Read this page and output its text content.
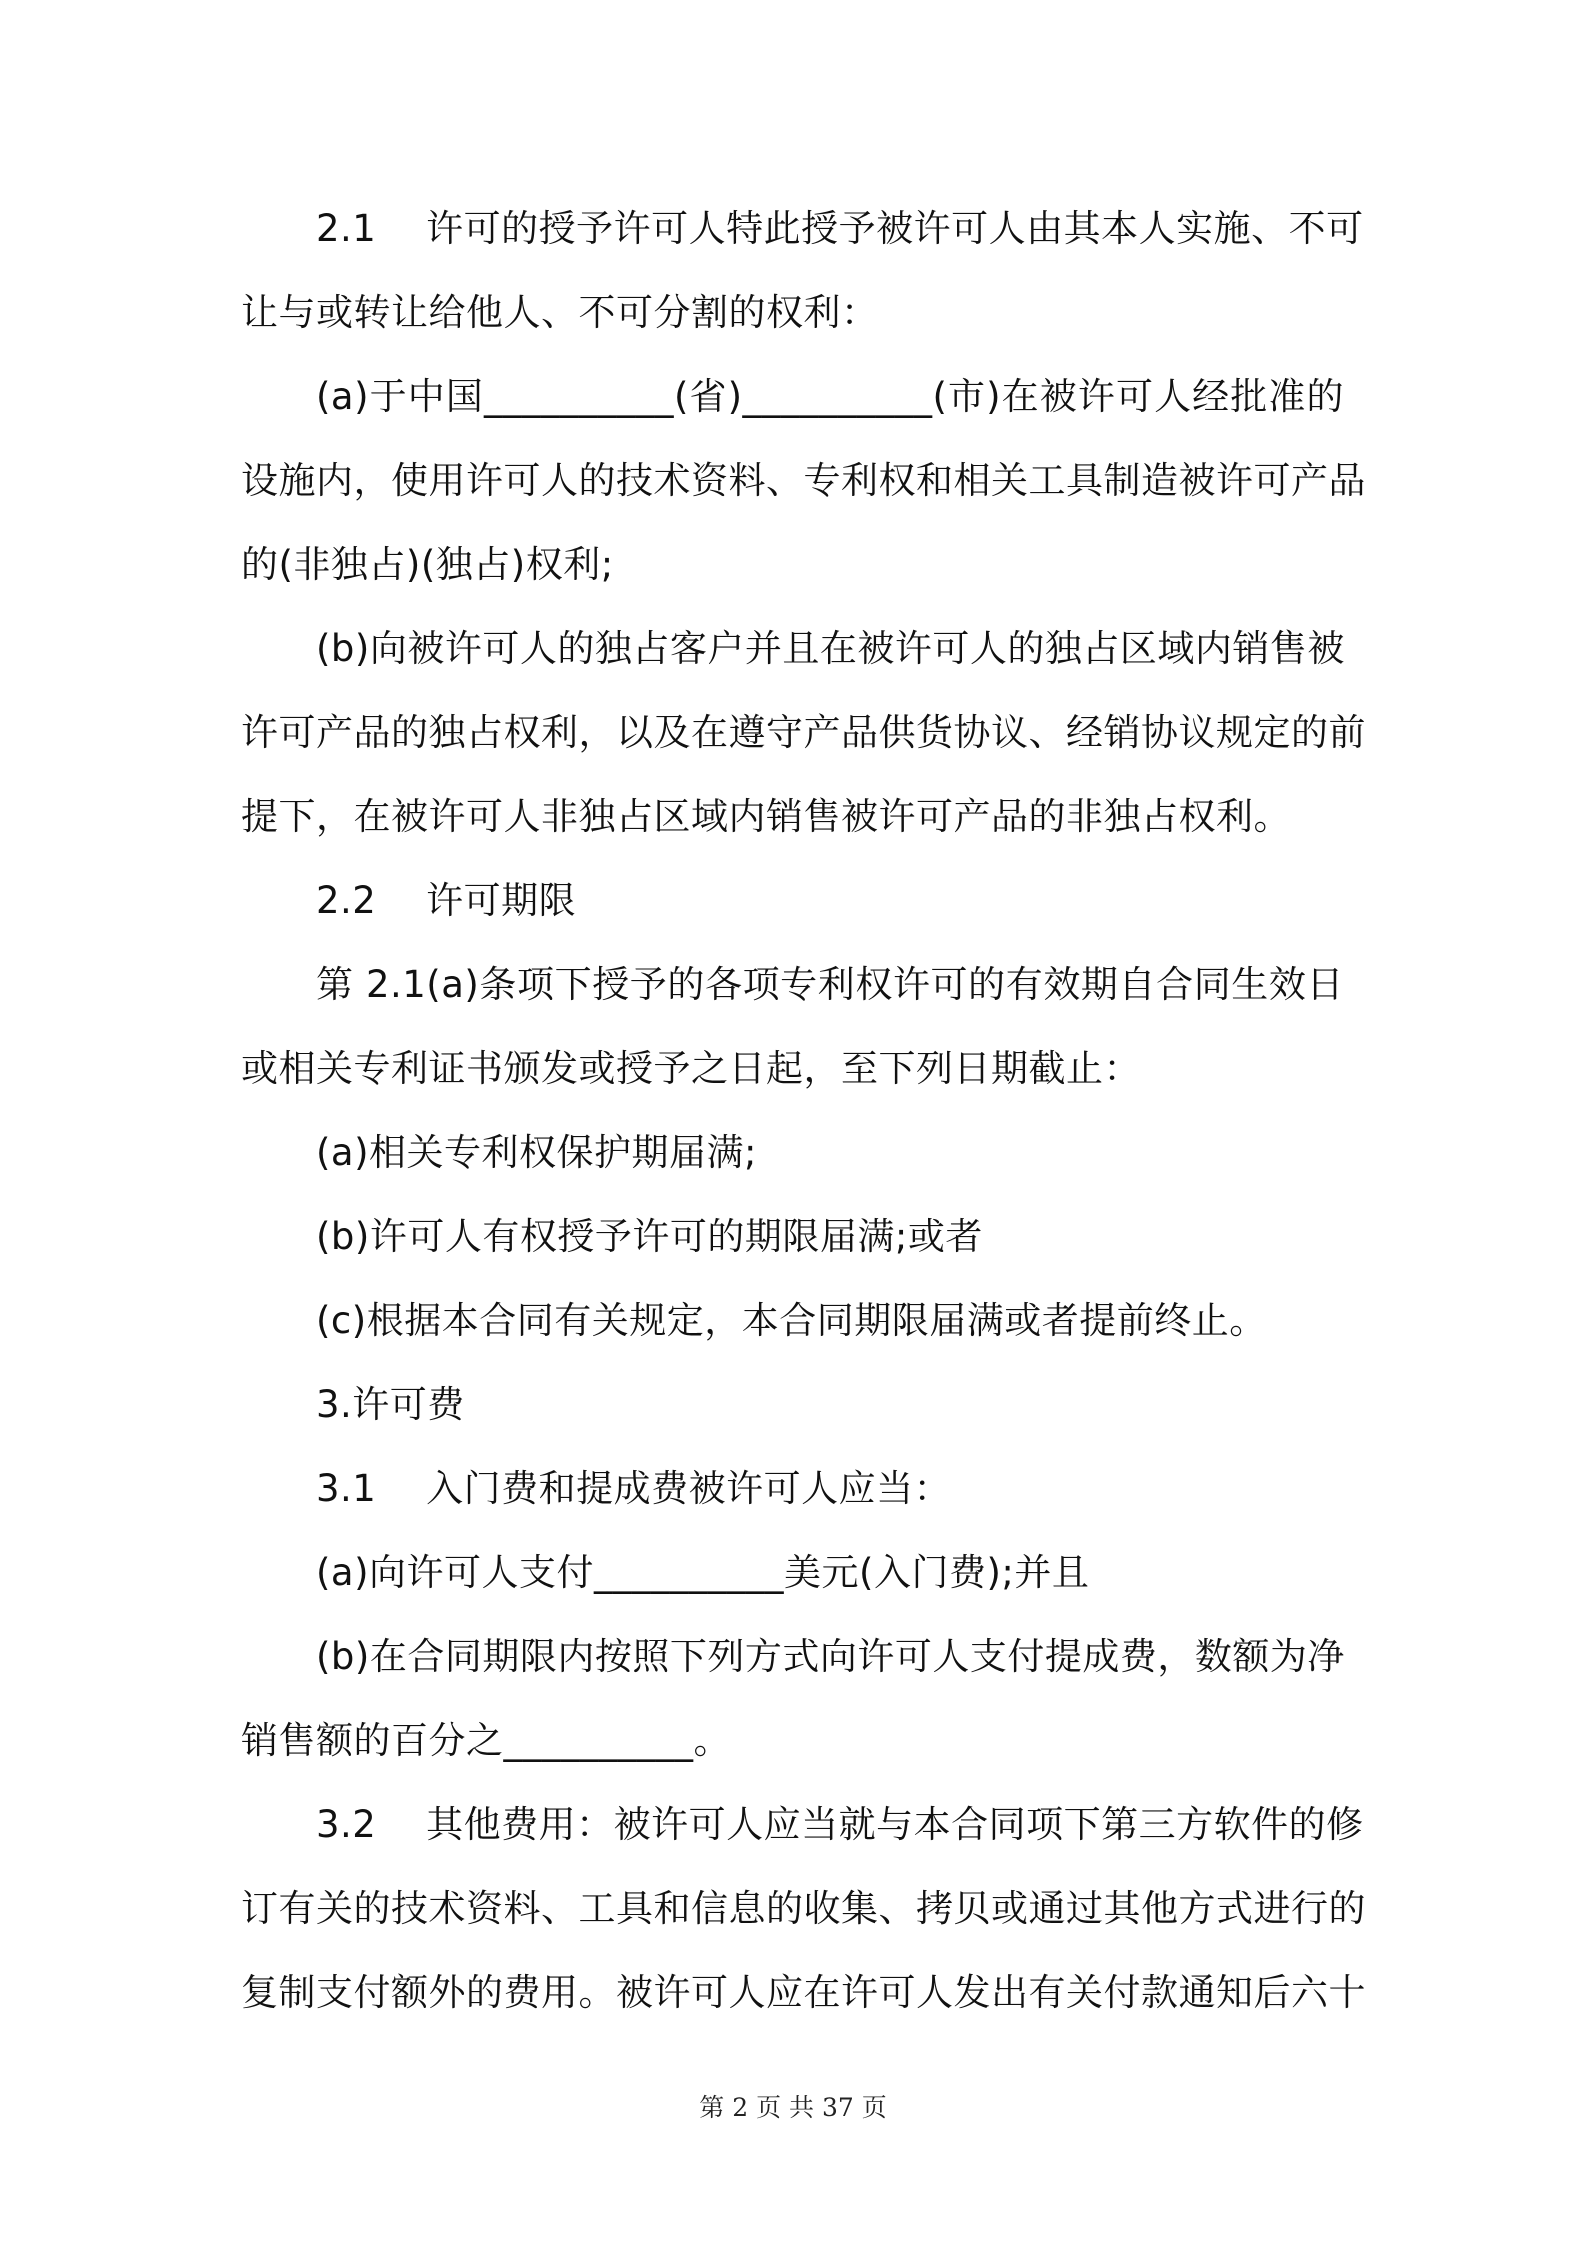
2.1　 许可的授予许可人特此授予被许可人由其本人实施、不可
让与或转让给他人、不可分割的权利：
(a)于中国__________(省)__________(市)在被许可人经批准的
设施内，使用许可人的技术资料、专利权和相关工具制造被许可产品
的(非独占)(独占)权利;
(b)向被许可人的独占客户并且在被许可人的独占区域内销售被
许可产品的独占权利，以及在遵守产品供货协议、经销协议规定的前
提下，在被许可人非独占区域内销售被许可产品的非独占权利。
2.2　 许可期限
第 2.1(a)条项下授予的各项专利权许可的有效期自合同生效日
或相关专利证书颁发或授予之日起，至下列日期截止：
(a)相关专利权保护期届满;
(b)许可人有权授予许可的期限届满;或者
(c)根据本合同有关规定，本合同期限届满或者提前终止。
3.许可费
3.1　 入门费和提成费被许可人应当：
(a)向许可人支付__________美元(入门费);并且
(b)在合同期限内按照下列方式向许可人支付提成费，数额为净
销售额的百分之__________。
3.2　 其他费用：被许可人应当就与本合同项下第三方软件的修
订有关的技术资料、工具和信息的收集、拷贝或通过其他方式进行的
复制支付额外的费用。被许可人应在许可人发出有关付款通知后六十
第 2 页 共 37 页
